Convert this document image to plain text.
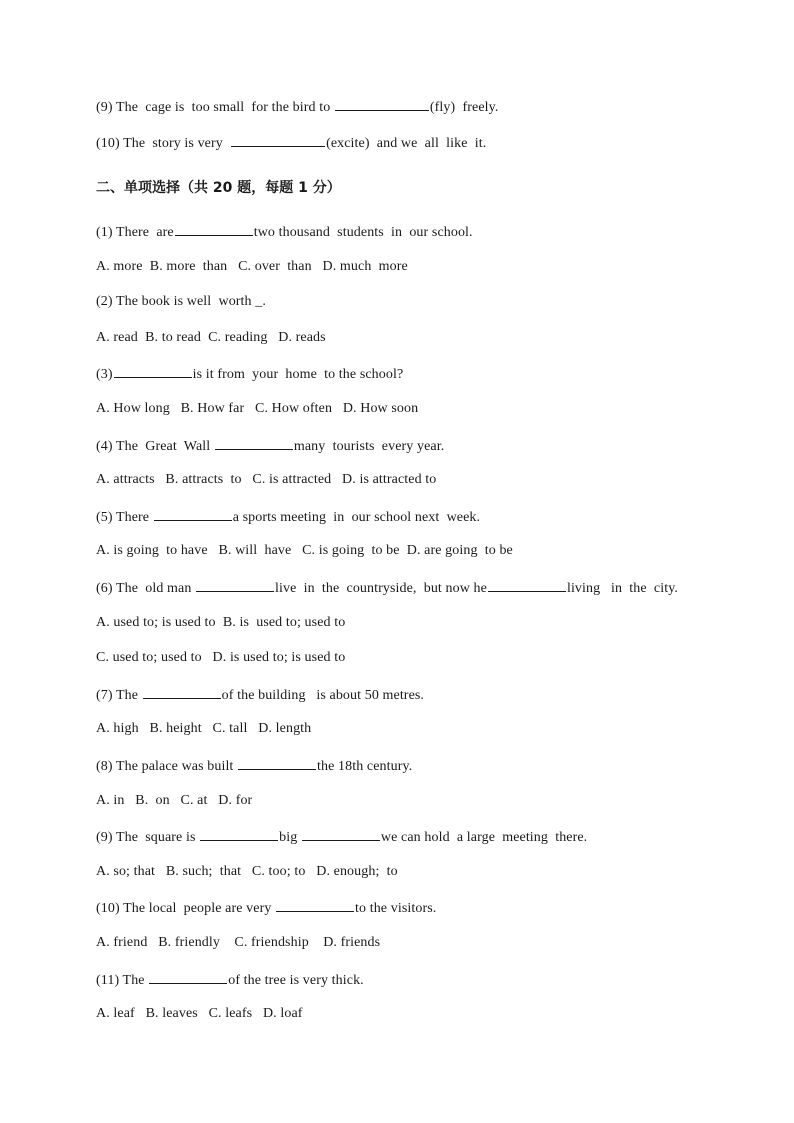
(9) The  cage is  too small  for the bird to	(fly)  freely.
(10) The  story is very	(excite)  and we  all  like  it.
二、单项选择（共 20 题，每题 1 分）
(1) There  are	two thousand  students  in  our school.
A. more  B. more  than   C. over  than   D. much  more
(2) The book is well  worth _.
A. read  B. to read  C. reading   D. reads
(3)	is it from  your  home  to the school?
A. How long   B. How far   C. How often   D. How soon
(4) The  Great  Wall	many  tourists  every year.
A. attracts   B. attracts  to   C. is attracted   D. is attracted to
(5) There	a sports meeting  in  our school next  week.
A. is going  to have   B. will  have   C. is going  to be  D. are going  to be
(6) The  old man	live  in  the  countryside,  but now he	living   in  the  city.
A. used to; is used to  B. is  used to; used to
C. used to; used to   D. is used to; is used to
(7) The	of the building   is about 50 metres.
A. high   B. height   C. tall   D. length
(8) The palace was built	the 18th century.
A. in   B.  on   C. at   D. for
(9) The  square is	big	we can hold  a large  meeting  there.
A. so; that   B. such;  that   C. too; to   D. enough;  to
(10) The local  people are very	to the visitors.
A. friend   B. friendly    C. friendship    D. friends
(11) The	of the tree is very thick.
A. leaf   B. leaves   C. leafs   D. loaf
